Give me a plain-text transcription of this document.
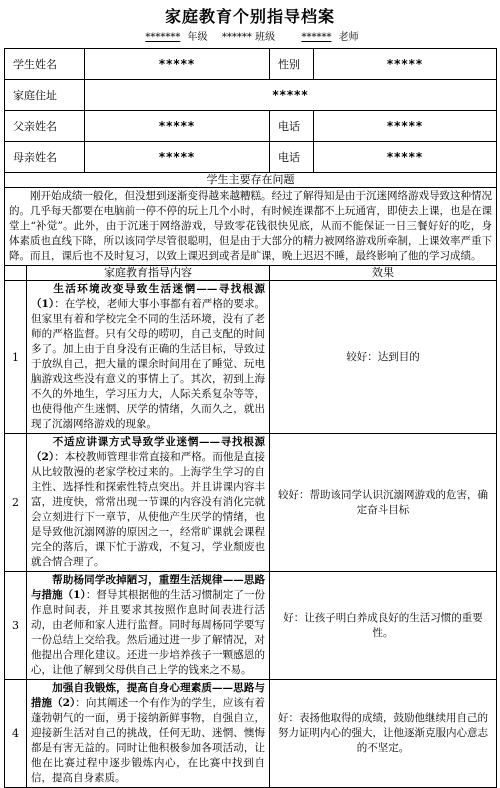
家庭教育个别指导档案
******* 年级 ****** 班级	****** 老师
学生姓名		*****	性别	*****
家庭住址		*****		
父亲姓名		*****	电话	*****
母亲姓名		*****	电话	*****
学生主要存在问题				
刚开始成绩一般化，但没想到逐渐变得越来越糟糕。经过了解得知是由于沉迷网络游戏导致这种情况的。几乎每天都要在电脑前一停不停的玩上几个小时，有时候连课都不上玩通宵，即使去上课，也是在课堂上“补觉”。此外，由于沉迷于网络游戏，导致零花钱很快见底，从而不能保证一日三餐好好的吃，身体素质也直线下降，所以该同学尽管很聪明，但是由于大部分的精力被网络游戏所牵制，上课效率严重下降。而且，课后也不及时复习，以致上课迟到或者是旷课，晚上迟迟不睡，最终影响了他的学习成绩。				
	家庭教育指导内容		效果	
1	生活环境改变导致生活迷惘——寻找根源（1）：在学校，老师大事小事都有着严格的要求。但家里有着和学校完全不同的生活环境，没有了老师的严格监督。只有父母的唠叨，自己支配的时间多了。加上由于自身没有正确的生活目标，导致过于放纵自己，把大量的课余时间用在了睡觉、玩电脑游戏这些没有意义的事情上了。其次，初到上海不久的外地生，学习压力大，人际关系复杂等等，也使得他产生迷惘、厌学的情绪，久而久之，就出现了沉溺网络游戏的现象。		较好：达到目的	
2	不适应讲课方式导致学业迷惘——寻找根源（2）：本校教师管理非常直接和严格。而他是直接从比较散漫的老家学校过来的。上海学生学习的自主性、选择性和探索性特点突出。并且讲课内容丰富，进度快，常常出现一节课的内容没有消化完就会立刻进行下一章节，从使他产生厌学的情绪，也是导致他沉溺网游的原因之一，经常旷课就会课程完全的落后，课下忙于游戏，不复习，学业颓废也就合情合理了。		较好：帮助该同学认识沉溺网游戏的危害，确定奋斗目标	
3	帮助杨同学改掉陋习，重塑生活规律——思路与措施（1）：督导其根据他的生活习惯制定了一份作息时间表，并且要求其按照作息时间表进行活动，由老师和家人进行监督。同时每周杨同学要写一份总结上交给我。然后通过进一步了解情况，对他提出合理化建议。还进一步培养孩子一颗感恩的心，让他了解到父母供自己上学的钱来之不易。		好：让孩子明白养成良好的生活习惯的重要性。	
4	加强自我锻炼，提高自身心理素质——思路与措施（2）：向其阐述一个有作为的学生，应该有着蓬勃朝气的一面，勇于接纳新鲜事物，自强自立，迎接新生活对自己的挑战，任何无助、迷惘、懊悔都是有害无益的。同时让他积极参加各项活动，让他在比赛过程中逐步锻炼内心，在比赛中找到自信，提高自身素质。		好：表扬他取得的成绩，鼓励他继续用自己的努力证明内心的强大，让他逐渐克服内心意志的不坚定。	
